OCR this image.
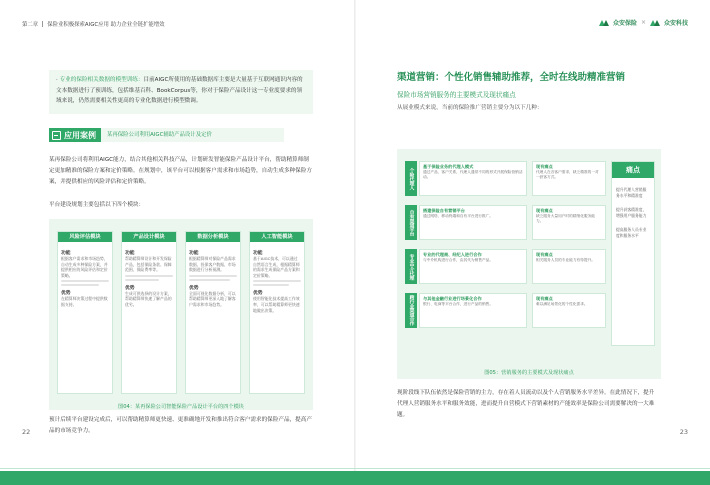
第二章 保险业积极探索AIGC应用 助力企业全链扩能增效	众安保险 ×	众安科技

· 专业的保险相关数据的模型训练：目前AIGC所使用的基础数据库主要是大量基于互联网通识内容的文本数据进行了预训练，包括维基百科、BookCorpus等，你对于保险产品设计这一专业度要求的领域来说，仍然需要相关性更高的专业化数据进行模型微调。

应用案例	某再保险公司利用AIGC辅助产品设计及定价

某再保险公司将利用AIGC能力，结合其他相关科技产品，计划研发智能保险产品设计平台，帮助精算师制定更加精准的保险方案和定价策略。在规划中，该平台可以根据客户需求和市场趋势，自动生成多种保险方案，并提供相应的风险评估和定价策略。

平台建设规划主要包括以下四个模块：

风险评估模块
功能
根据客户需求和市场趋势，自动生成多种保险方案，并提供相应的风险评估和定价策略。
优势
在精算师决策过程中提供数据支持。
产品设计模块
功能
帮助精算师设计和开发保险产品，包括保险条款、保障范围、保险费率等。
优势
生成可供选择的设计方案，帮助精算师快速了解产品的优劣。
数据分析模块
功能
根据精算师对保险产品需求数据、投保客户数据、市场数据进行分析预测。
优势
全面可视化数据分析，可以帮助精算师更深入地了解客户需求和市场趋势。
人工智能模块
功能
基于AIGC技术，可以通过自然语言生成，根据精算师的需求生成保险产品方案和定价策略。
优势
使用智能化技术提高工作效率，可以帮助精算师更快速地做出决策。
图04：某再保险公司智能保险产品设计平台的四个模块

预计后续平台建设完成后，可以帮助精算师更快速、更准确地开发和推出符合客户需求的保险产品，提高产品的市场竞争力。

22
渠道营销：个性化销售辅助推荐，全时在线助精准营销
保险市场营销服务的主要模式及现状痛点
从展业模式来说，当前的保险推广营销主要分为以下几种：
个险代理人
基于保险业务的代理人模式
通过产品、客户关系，代理人通常不同的形式开展保险营销活动。
现有痛点
代理人在各客户需求，缺乏精准的一对一获客方式。
自有渠道平台	搭建保险自有营销平台
通过网络、移动终端和自有平台进行推广。
现有痛点
缺乏服务大量用户时的精细化服务能力。
专业中介代理	专业的代理商、经纪人进行合作
与中介机构进行合作，由其代为销售产品。
现有痛点
相关服务人员的专业能力有待提升。
跨行业渠道合作	与其他金融行业进行场景化合作
银行、电商等平台合作，进行产品的销售。
现有痛点
难以满足场景化的个性化需求。
痛点
提升代理人营销服务水平和精准度
提升获客精准度，增强用户服务能力
提高服务人员专业度和服务水平
图05：营销服务的主要模式及现状痛点

现阶段线下队伍依然是保险营销的主力，存在着人员流动以及个人营销服务水平差异。在此情况下，提升代理人营销服务水平和服务效能，进而提升自营模式下营销素材的产能效率是保险公司需要解决的一大难题。

23
